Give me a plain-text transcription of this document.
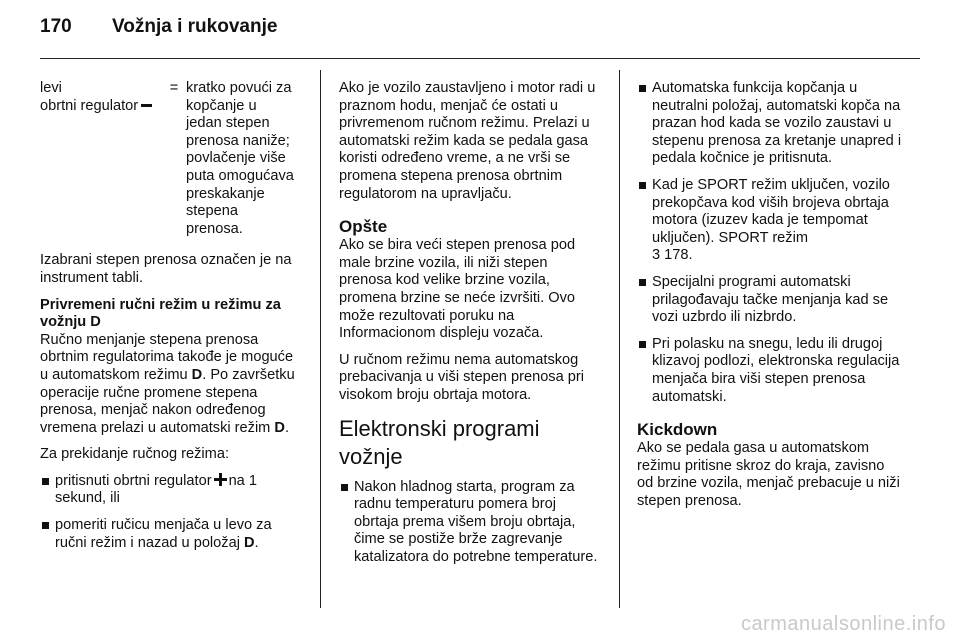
170 Vožnja i rukovanje
levi
obrtni regulator
= kratko povući za kopčanje u jedan stepen prenosa naniže; povlačenje više puta omogućava preskakanje stepena prenosa.

Izabrani stepen prenosa označen je na instrument tabli.

Privremeni ručni režim u režimu za vožnju D

Ručno menjanje stepena prenosa obrtnim regulatorima takođe je moguće u automatskom režimu D. Po završetku operacije ručne promene stepena prenosa, menjač nakon određenog vremena prelazi u automatski režim D.

Za prekidanje ručnog režima:

pritisnuti obrtni regulator na 1 sekund, ili
pomeriti ručicu menjača u levo za ručni režim i nazad u položaj D.

Ako je vozilo zaustavljeno i motor radi u praznom hodu, menjač će ostati u privremenom ručnom režimu. Prelazi u automatski režim kada se pedala gasa koristi određeno vreme, a ne vrši se promena stepena prenosa obrtnim regulatorom na upravljaču.

Opšte

Ako se bira veći stepen prenosa pod male brzine vozila, ili niži stepen prenosa kod velike brzine vozila, promena brzine se neće izvršiti. Ovo može rezultovati poruku na Informacionom displeju vozača.

U ručnom režimu nema automatskog prebacivanja u viši stepen prenosa pri visokom broju obrtaja motora.

Elektronski programi vožnje
Nakon hladnog starta, program za radnu temperaturu pomera broj obrtaja prema višem broju obrtaja, čime se postiže brže zagrevanje katalizatora do potrebne temperature.
Automatska funkcija kopčanja u neutralni položaj, automatski kopča na prazan hod kada se vozilo zaustavi u stepenu prenosa za kretanje unapred i pedala kočnice je pritisnuta.
Kad je SPORT režim uključen, vozilo prekopčava kod viših brojeva obrtaja motora (izuzev kada je tempomat uključen). SPORT režim
3 178.
Specijalni programi automatski prilagođavaju tačke menjanja kad se vozi uzbrdo ili nizbrdo.
Pri polasku na snegu, ledu ili drugoj klizavoj podlozi, elektronska regulacija menjača bira viši stepen prenosa automatski.
Kickdown

Ako se pedala gasa u automatskom režimu pritisne skroz do kraja, zavisno od brzine vozila, menjač prebacuje u niži stepen prenosa.

carmanualsonline.info
